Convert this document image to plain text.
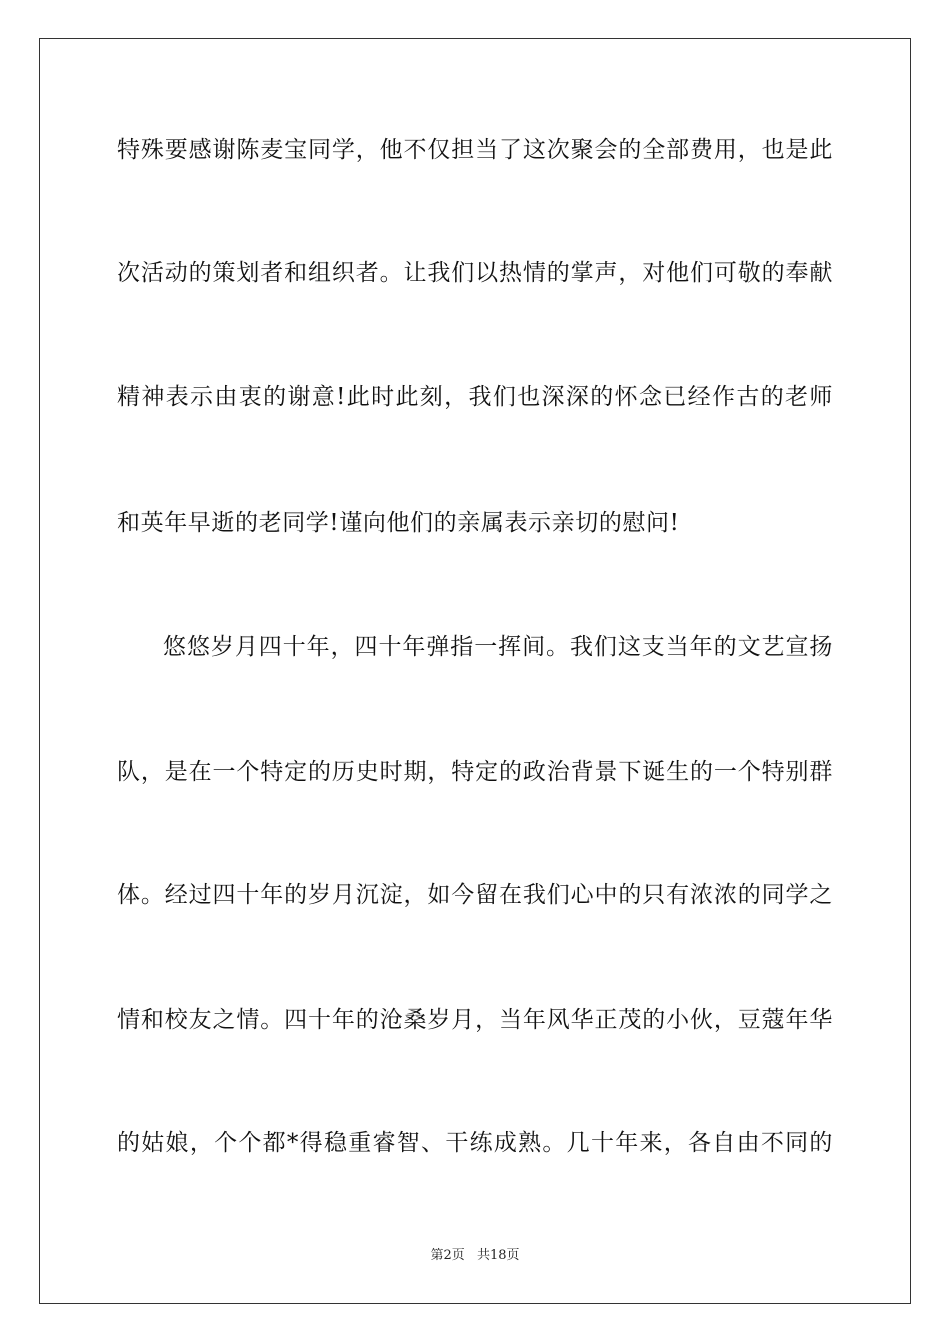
特殊要感谢陈麦宝同学，他不仅担当了这次聚会的全部费用，也是此
次活动的策划者和组织者。让我们以热情的掌声，对他们可敬的奉献
精神表示由衷的谢意!此时此刻，我们也深深的怀念已经作古的老师
和英年早逝的老同学!谨向他们的亲属表示亲切的慰问!
悠悠岁月四十年，四十年弹指一挥间。我们这支当年的文艺宣扬
队，是在一个特定的历史时期，特定的政治背景下诞生的一个特别群
体。经过四十年的岁月沉淀，如今留在我们心中的只有浓浓的同学之
情和校友之情。四十年的沧桑岁月，当年风华正茂的小伙，豆蔻年华
的姑娘，个个都*得稳重睿智、干练成熟。几十年来，各自由不同的
第2页 共18页
